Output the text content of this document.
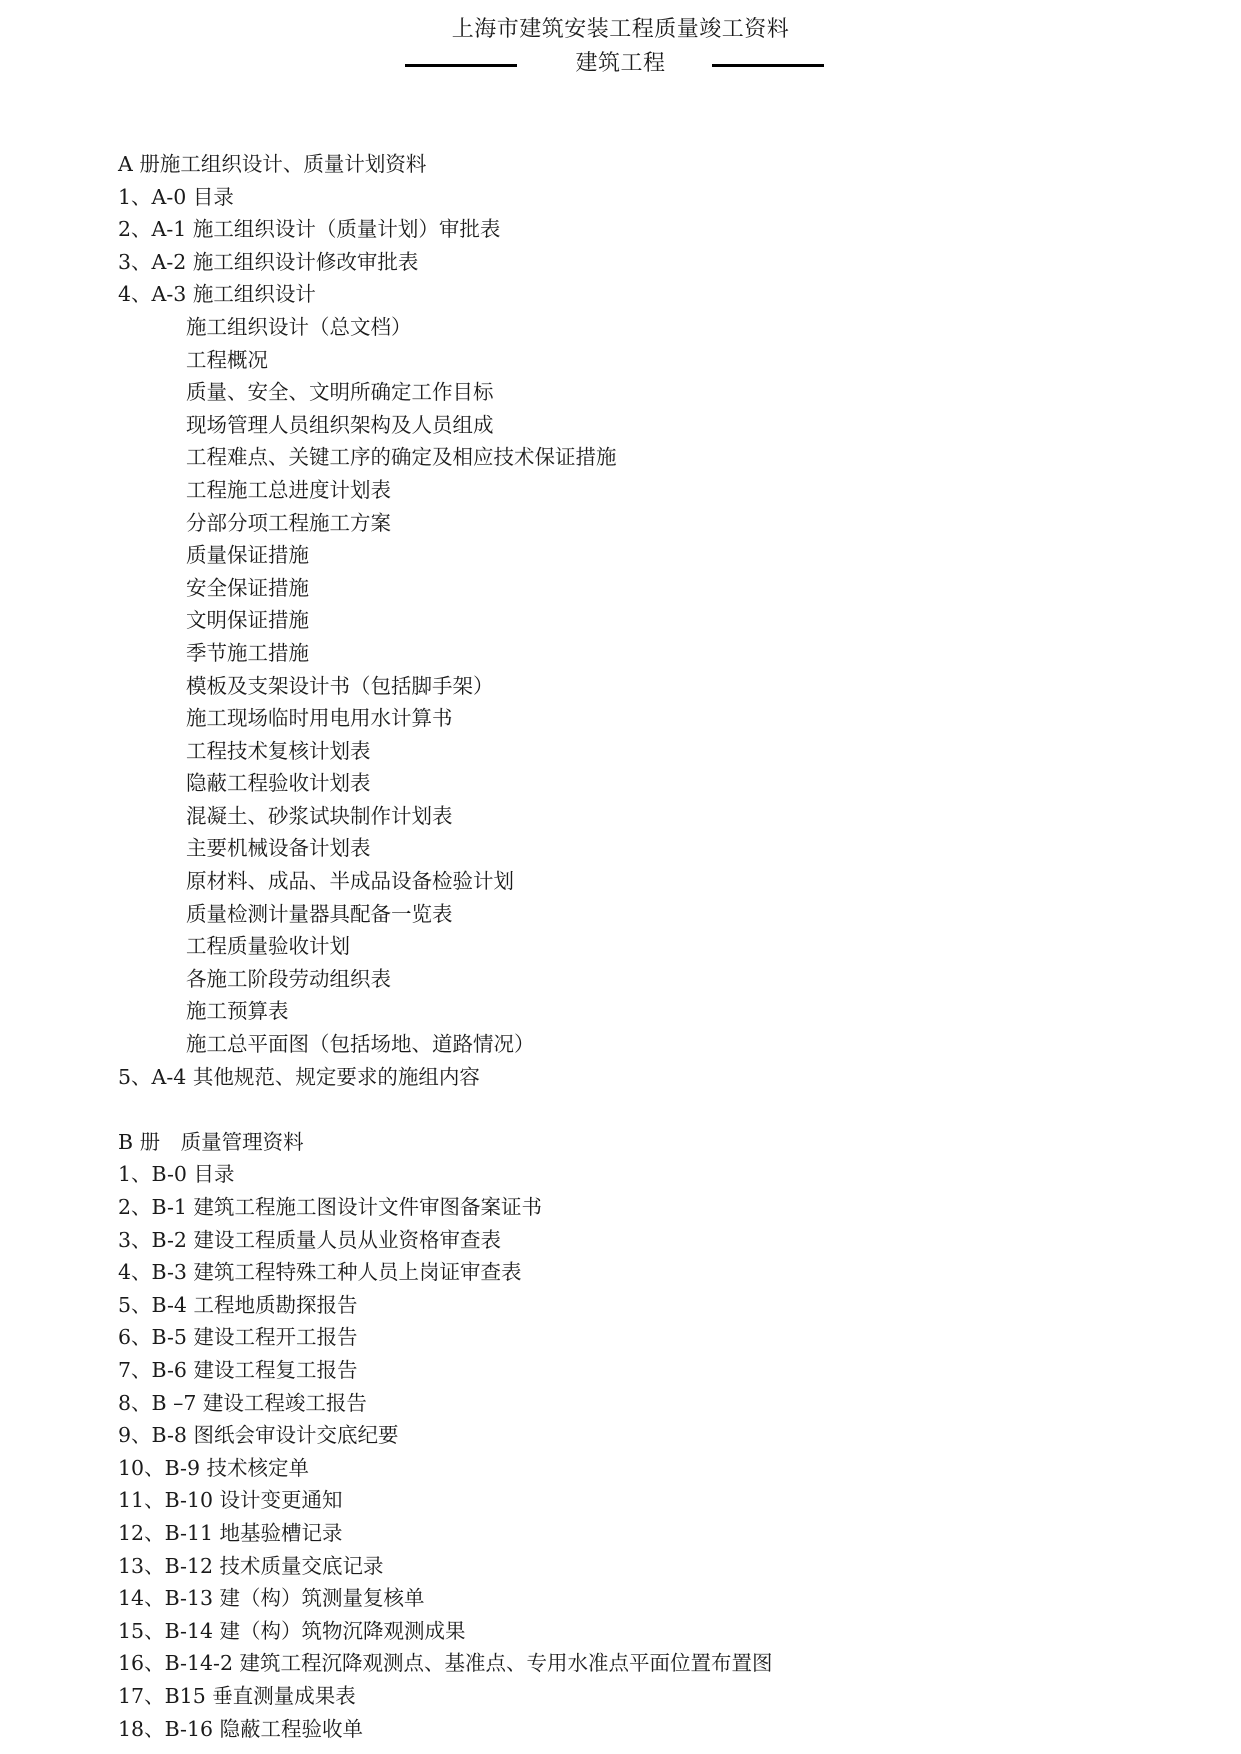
上海市建筑安装工程质量竣工资料
建筑工程
A 册施工组织设计、质量计划资料
1、A-0 目录
2、A-1 施工组织设计（质量计划）审批表
3、A-2 施工组织设计修改审批表
4、A-3 施工组织设计
施工组织设计（总文档）
工程概况
质量、安全、文明所确定工作目标
现场管理人员组织架构及人员组成
工程难点、关键工序的确定及相应技术保证措施
工程施工总进度计划表
分部分项工程施工方案
质量保证措施
安全保证措施
文明保证措施
季节施工措施
模板及支架设计书（包括脚手架）
施工现场临时用电用水计算书
工程技术复核计划表
隐蔽工程验收计划表
混凝土、砂浆试块制作计划表
主要机械设备计划表
原材料、成品、半成品设备检验计划
质量检测计量器具配备一览表
工程质量验收计划
各施工阶段劳动组织表
施工预算表
施工总平面图（包括场地、道路情况）
5、A-4 其他规范、规定要求的施组内容
B 册　质量管理资料
1、B-0 目录
2、B-1 建筑工程施工图设计文件审图备案证书
3、B-2 建设工程质量人员从业资格审查表
4、B-3 建筑工程特殊工种人员上岗证审查表
5、B-4 工程地质勘探报告
6、B-5 建设工程开工报告
7、B-6 建设工程复工报告
8、B –7 建设工程竣工报告
9、B-8 图纸会审设计交底纪要
10、B-9 技术核定单
11、B-10 设计变更通知
12、B-11 地基验槽记录
13、B-12 技术质量交底记录
14、B-13 建（构）筑测量复核单
15、B-14 建（构）筑物沉降观测成果
16、B-14-2 建筑工程沉降观测点、基准点、专用水准点平面位置布置图
17、B15 垂直测量成果表
18、B-16 隐蔽工程验收单
